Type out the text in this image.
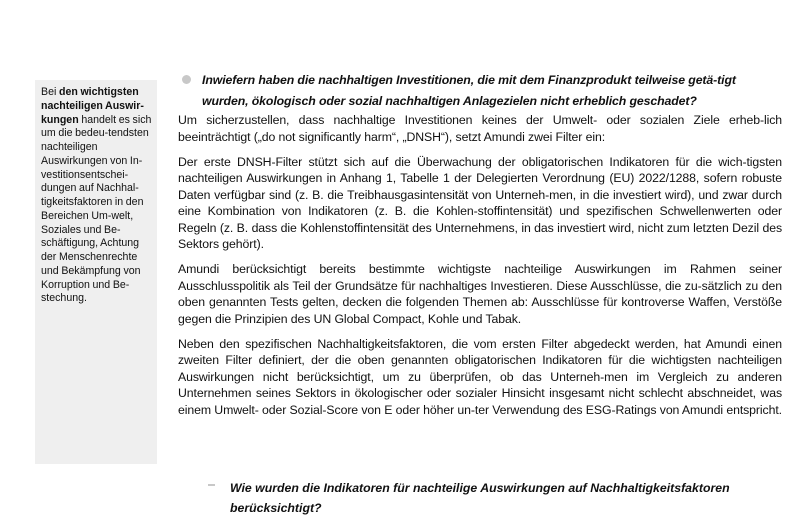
Bei den wichtigsten nachteiligen Auswir-kungen handelt es sich um die bedeu-tendsten nachteiligen Auswirkungen von In-vestitionsentschei-dungen auf Nachhal-tigkeitsfaktoren in den Bereichen Um-welt, Soziales und Be-schäftigung, Achtung der Menschenrechte und Bekämpfung von Korruption und Be-stechung.

Inwiefern haben die nachhaltigen Investitionen, die mit dem Finanzprodukt teilweise getä-tigt wurden, ökologisch oder sozial nachhaltigen Anlagezielen nicht erheblich geschadet?

Um sicherzustellen, dass nachhaltige Investitionen keines der Umwelt- oder sozialen Ziele erheb-lich beeinträchtigt („do not significantly harm“, „DNSH“), setzt Amundi zwei Filter ein:

Der erste DNSH-Filter stützt sich auf die Überwachung der obligatorischen Indikatoren für die wich-tigsten nachteiligen Auswirkungen in Anhang 1, Tabelle 1 der Delegierten Verordnung (EU) 2022/1288, sofern robuste Daten verfügbar sind (z. B. die Treibhausgasintensität von Unterneh-men, in die investiert wird), und zwar durch eine Kombination von Indikatoren (z. B. die Kohlen-stoffintensität) und spezifischen Schwellenwerten oder Regeln (z. B. dass die Kohlenstoffintensität des Unternehmens, in das investiert wird, nicht zum letzten Dezil des Sektors gehört).

Amundi berücksichtigt bereits bestimmte wichtigste nachteilige Auswirkungen im Rahmen seiner Ausschlusspolitik als Teil der Grundsätze für nachhaltiges Investieren. Diese Ausschlüsse, die zu-sätzlich zu den oben genannten Tests gelten, decken die folgenden Themen ab: Ausschlüsse für kontroverse Waffen, Verstöße gegen die Prinzipien des UN Global Compact, Kohle und Tabak.

Neben den spezifischen Nachhaltigkeitsfaktoren, die vom ersten Filter abgedeckt werden, hat Amundi einen zweiten Filter definiert, der die oben genannten obligatorischen Indikatoren für die wichtigsten nachteiligen Auswirkungen nicht berücksichtigt, um zu überprüfen, ob das Unterneh-men im Vergleich zu anderen Unternehmen seines Sektors in ökologischer oder sozialer Hinsicht insgesamt nicht schlecht abschneidet, was einem Umwelt- oder Sozial-Score von E oder höher un-ter Verwendung des ESG-Ratings von Amundi entspricht.

Wie wurden die Indikatoren für nachteilige Auswirkungen auf Nachhaltigkeitsfaktoren berücksichtigt?
